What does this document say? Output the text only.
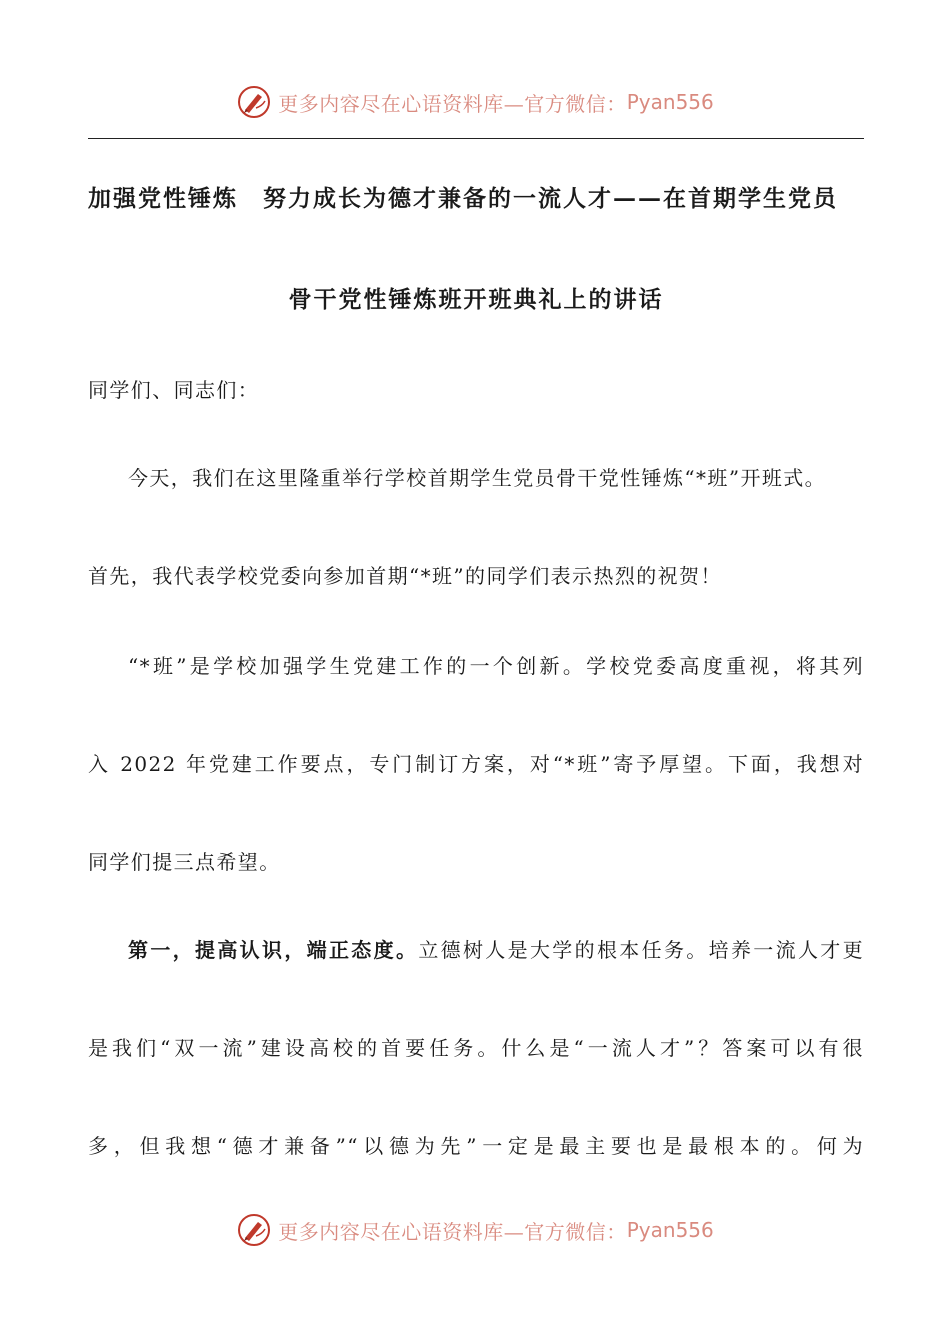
更多内容尽在心语资料库—官方微信： Pyan556
加强党性锤炼　努力成长为德才兼备的一流人才——在首期学生党员
骨干党性锤炼班开班典礼上的讲话

同学们、同志们：

今天，我们在这里隆重举行学校首期学生党员骨干党性锤炼“*班”开班式。

首先，我代表学校党委向参加首期“*班”的同学们表示热烈的祝贺！

“*班”是学校加强学生党建工作的一个创新。学校党委高度重视，将其列

入 2022 年党建工作要点，专门制订方案，对“*班”寄予厚望。下面，我想对

同学们提三点希望。

第一，提高认识，端正态度。立德树人是大学的根本任务。培养一流人才更

是我们“双一流”建设高校的首要任务。什么是“一流人才”？答案可以有很

多，但我想“德才兼备”“以德为先”一定是最主要也是最根本的。何为

更多内容尽在心语资料库—官方微信： Pyan556
